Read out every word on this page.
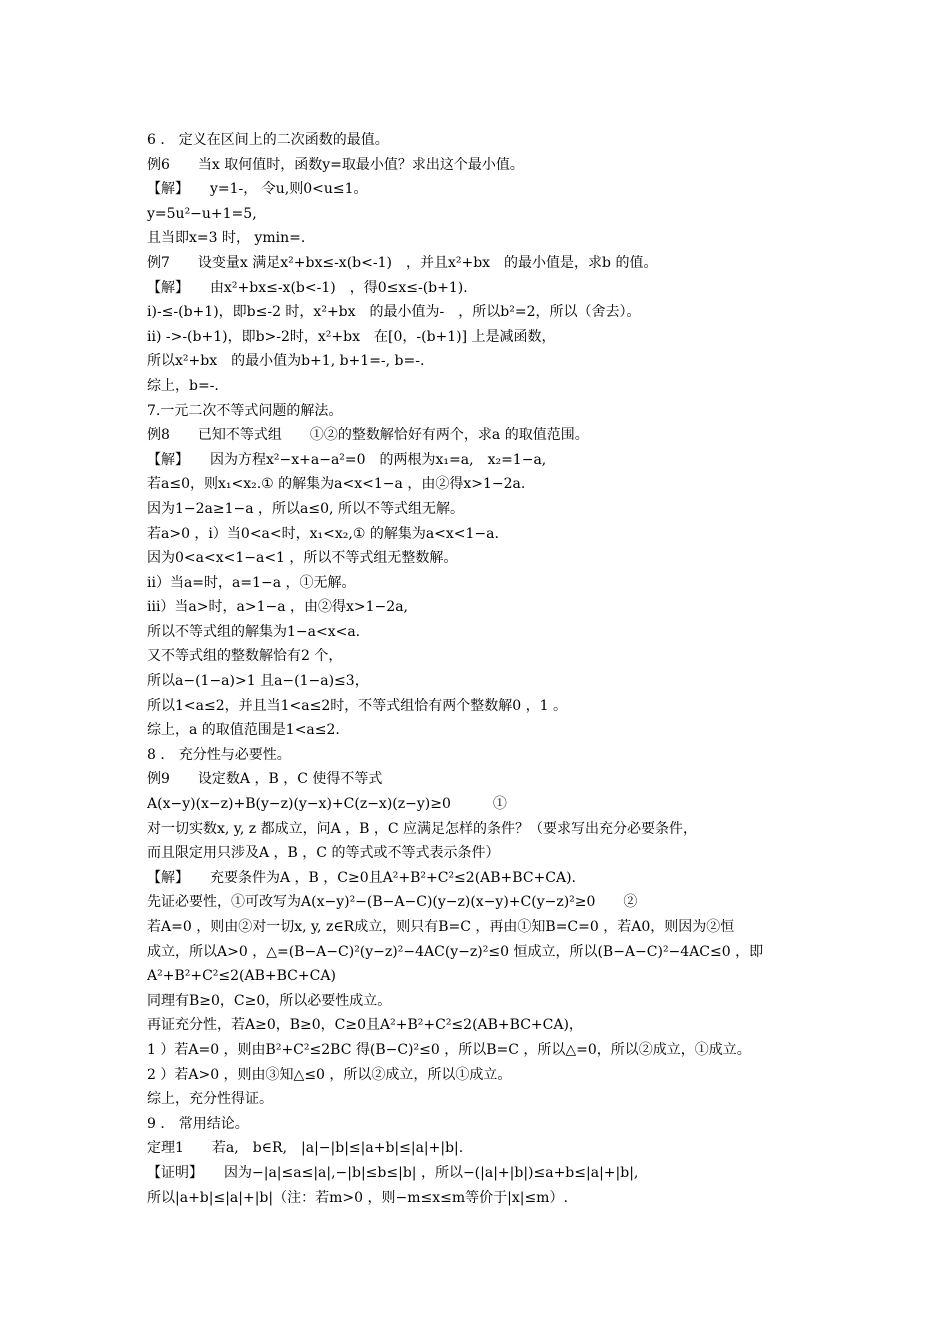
6 ． 定义在区间上的二次函数的最值。
例6　　当x 取何值时，函数y=取最小值？求出这个最小值。
【解】　　y=1-， 令u,则0<u≤1。
y=5u²−u+1=5,
且当即x=3 时， ymin=.
例7　　设变量x 满足x²+bx≤-x(b<-1)　，并且x²+bx　的最小值是，求b 的值。
【解】　　由x²+bx≤-x(b<-1)　，得0≤x≤-(b+1).
ⅰ)-≤-(b+1)，即b≤-2 时，x²+bx　的最小值为-　，所以b²=2，所以（舍去）。
ⅱ) ->-(b+1)，即b>-2时，x²+bx　在[0，-(b+1)] 上是减函数，
所以x²+bx　的最小值为b+1, b+1=-, b=-.
综上，b=-.
7.一元二次不等式问题的解法。
例8　　已知不等式组　　①②的整数解恰好有两个，求a 的取值范围。
【解】　　因为方程x²−x+a−a²=0　的两根为x₁=a,　x₂=1−a,
若a≤0，则x₁<x₂.① 的解集为a<x<1−a ，由②得x>1−2a.
因为1−2a≥1−a ，所以a≤0, 所以不等式组无解。
若a>0 ，ⅰ）当0<a<时，x₁<x₂,① 的解集为a<x<1−a.
因为0<a<x<1−a<1 ，所以不等式组无整数解。
ⅱ）当a=时，a=1−a ，①无解。
ⅲ）当a>时，a>1−a ，由②得x>1−2a,
所以不等式组的解集为1−a<x<a.
又不等式组的整数解恰有2 个，
所以a−(1−a)>1 且a−(1−a)≤3，
所以1<a≤2，并且当1<a≤2时，不等式组恰有两个整数解0 ，1 。
综上，a 的取值范围是1<a≤2.
8 ． 充分性与必要性。
例9　　设定数A ，B ，C 使得不等式
A(x−y)(x−z)+B(y−z)(y−x)+C(z−x)(z−y)≥0　　　①
对一切实数x, y, z 都成立，问A ，B ，C 应满足怎样的条件？（要求写出充分必要条件，
而且限定用只涉及A ，B ，C 的等式或不等式表示条件）
【解】　　充要条件为A ，B ，C≥0且A²+B²+C²≤2(AB+BC+CA).
先证必要性，①可改写为A(x−y)²−(B−A−C)(y−z)(x−y)+C(y−z)²≥0　　②
若A=0 ，则由②对一切x, y, z∈R成立，则只有B=C ，再由①知B=C=0 ，若A0，则因为②恒
成立，所以A>0 ，△=(B−A−C)²(y−z)²−4AC(y−z)²≤0 恒成立，所以(B−A−C)²−4AC≤0 ，即
A²+B²+C²≤2(AB+BC+CA)
同理有B≥0，C≥0，所以必要性成立。
再证充分性，若A≥0，B≥0，C≥0且A²+B²+C²≤2(AB+BC+CA)，
1 ）若A=0 ，则由B²+C²≤2BC 得(B−C)²≤0 ，所以B=C ，所以△=0，所以②成立，①成立。
2 ）若A>0 ，则由③知△≤0 ，所以②成立，所以①成立。
综上，充分性得证。
9 ． 常用结论。
定理1　　若a,　b∈R,　|a|−|b|≤|a+b|≤|a|+|b|.
【证明】　　因为−|a|≤a≤|a|,−|b|≤b≤|b| ，所以−(|a|+|b|)≤a+b≤|a|+|b|,
所以|a+b|≤|a|+|b|（注：若m>0 ，则−m≤x≤m等价于|x|≤m）.
